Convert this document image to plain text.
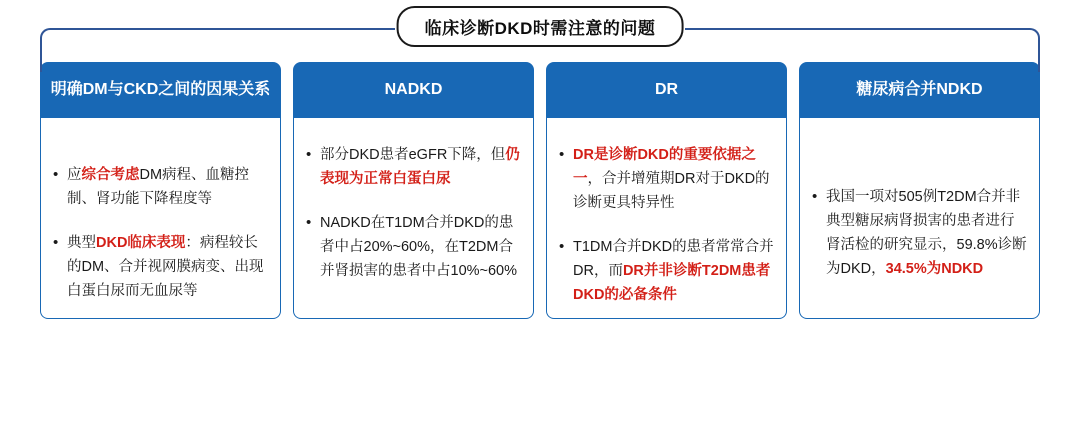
临床诊断DKD时需注意的问题
明确DM与CKD之间的因果关系
• 应综合考虑DM病程、血糖控制、肾功能下降程度等
• 典型DKD临床表现：病程较长的DM、合并视网膜病变、出现白蛋白尿而无血尿等
NADKD
• 部分DKD患者eGFR下降，但仍表现为正常白蛋白尿
• NADKD在T1DM合并DKD的患者中占20%~60%，在T2DM合并肾损害的患者中占10%~60%
DR
• DR是诊断DKD的重要依据之一，合并增殖期DR对于DKD的诊断更具特异性
• T1DM合并DKD的患者常常合并DR，而DR并非诊断T2DM患者DKD的必备条件
糖尿病合并NDKD
• 我国一项对505例T2DM合并非典型糖尿病肾损害的患者进行肾活检的研究显示，59.8%诊断为DKD，34.5%为NDKD
